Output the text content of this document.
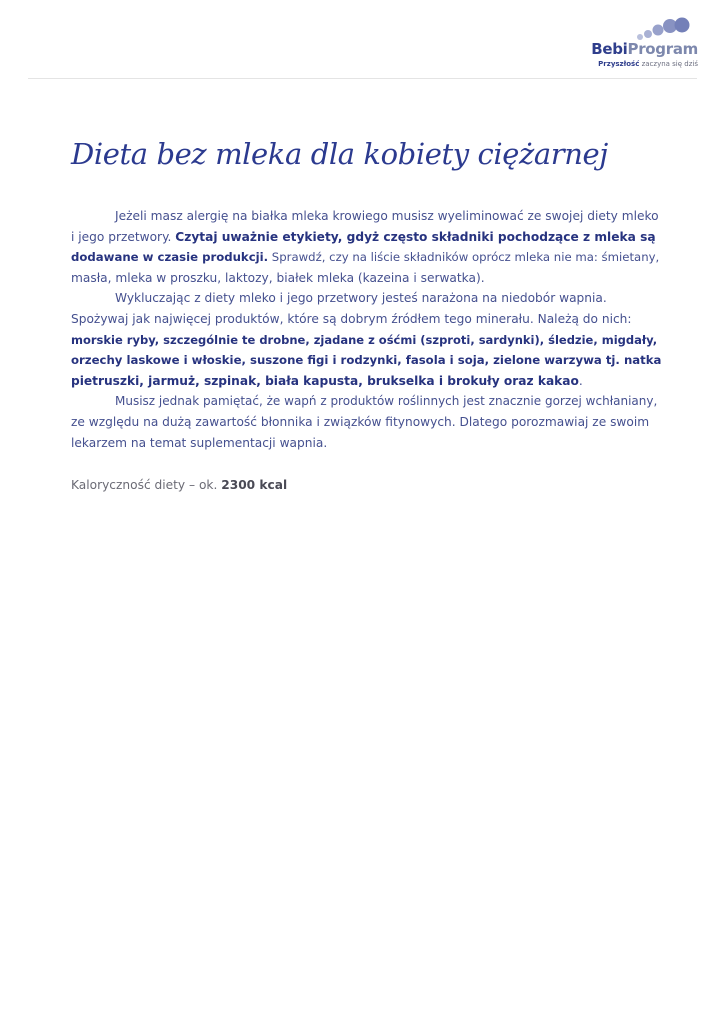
BebiProgram
Przyszłość zaczyna się dziś
Dieta bez mleka dla kobiety ciężarnej
Jeżeli masz alergię na białka mleka krowiego musisz wyeliminować ze swojej diety mleko
i jego przetwory. Czytaj uważnie etykiety, gdyż często składniki pochodzące z mleka są
dodawane w czasie produkcji. Sprawdź, czy na liście składników oprócz mleka nie ma: śmietany,
masła, mleka w proszku, laktozy, białek mleka (kazeina i serwatka).
Wykluczając z diety mleko i jego przetwory jesteś narażona na niedobór wapnia.
Spożywaj jak najwięcej produktów, które są dobrym źródłem tego minerału. Należą do nich:
morskie ryby, szczególnie te drobne, zjadane z ośćmi (szproti, sardynki), śledzie, migdały,
orzechy laskowe i włoskie, suszone figi i rodzynki, fasola i soja, zielone warzywa tj. natka
pietruszki, jarmuż, szpinak, biała kapusta, brukselka i brokuły oraz kakao.
Musisz jednak pamiętać, że wapń z produktów roślinnych jest znacznie gorzej wchłaniany,
ze względu na dużą zawartość błonnika i związków fitynowych. Dlatego porozmawiaj ze swoim
lekarzem na temat suplementacji wapnia.
Kaloryczność diety – ok. 2300 kcal
